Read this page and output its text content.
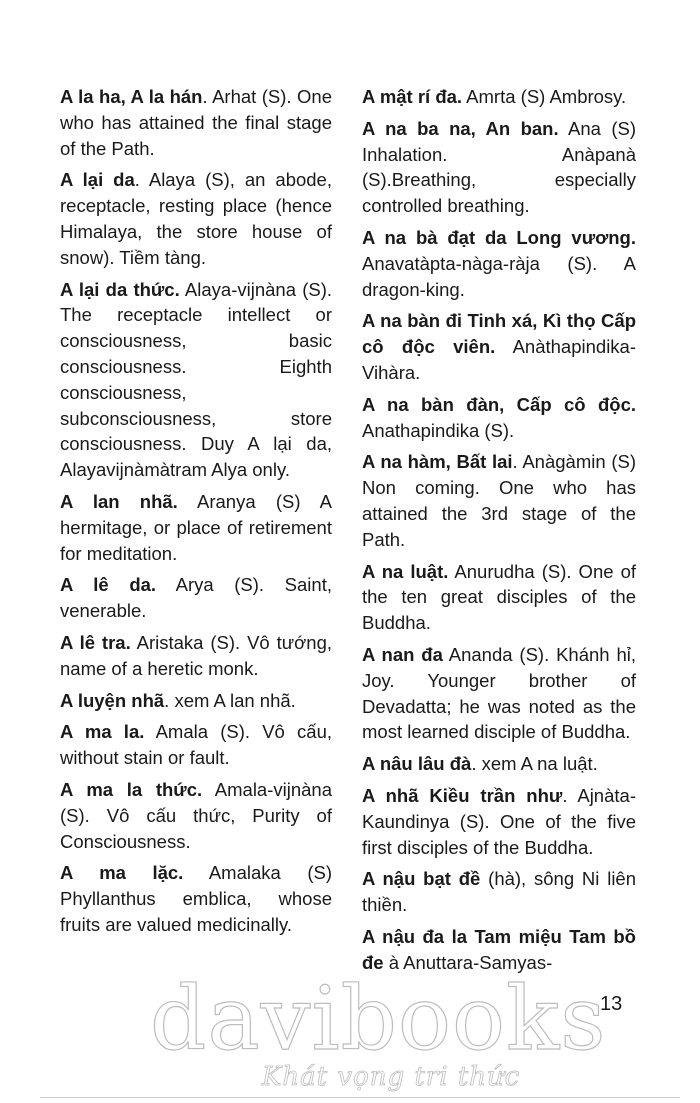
A la ha, A la hán. Arhat (S). One who has attained the final stage of the Path.

A lại da. Alaya (S), an abode, receptacle, resting place (hence Himalaya, the store house of snow). Tiềm tàng.

A lại da thức. Alaya-vijnàna (S). The receptacle intellect or consciousness, basic consciousness. Eighth consciousness, subconsciousness, store consciousness. Duy A lại da, Alayavijnàmàtram Alya only.

A lan nhã. Aranya (S) A hermitage, or place of retirement for meditation.

A lê da. Arya (S). Saint, venerable.

A lê tra. Aristaka (S). Vô tướng, name of a heretic monk.

A luyện nhã. xem A lan nhã.

A ma la. Amala (S). Vô cấu, without stain or fault.

A ma la thức. Amala-vijnàna (S). Vô cấu thức, Purity of Consciousness.

A ma lặc. Amalaka (S) Phyllanthus emblica, whose fruits are valued medicinally.

A mật rí đa. Amrta (S) Ambrosy.

A na ba na, An ban. Ana (S) Inhalation. Anàpanà (S).Breathing, especially controlled breathing.

A na bà đạt da Long vương. Anavatàpta-nàga-ràja (S). A dragon-king.

A na bàn đi Tinh xá, Kì thọ Cấp cô độc viên. Anàthapindika-Vihàra.

A na bàn đàn, Cấp cô độc. Anathapindika (S).

A na hàm, Bất lai. Anàgàmin (S) Non coming. One who has attained the 3rd stage of the Path.

A na luật. Anurudha (S). One of the ten great disciples of the Buddha.

A nan đa Ananda (S). Khánh hỉ, Joy. Younger brother of Devadatta; he was noted as the most learned disciple of Buddha.

A nâu lâu đà. xem A na luật.

A nhã Kiều trần như. Ajnàta-Kaundinya (S). One of the five first disciples of the Buddha.

A nậu bạt đề (hà), sông Ni liên thiền.

A nậu đa la Tam miệu Tam bồ đe à Anuttara-Samyas-

13
davibooks
Khát vọng tri thức
